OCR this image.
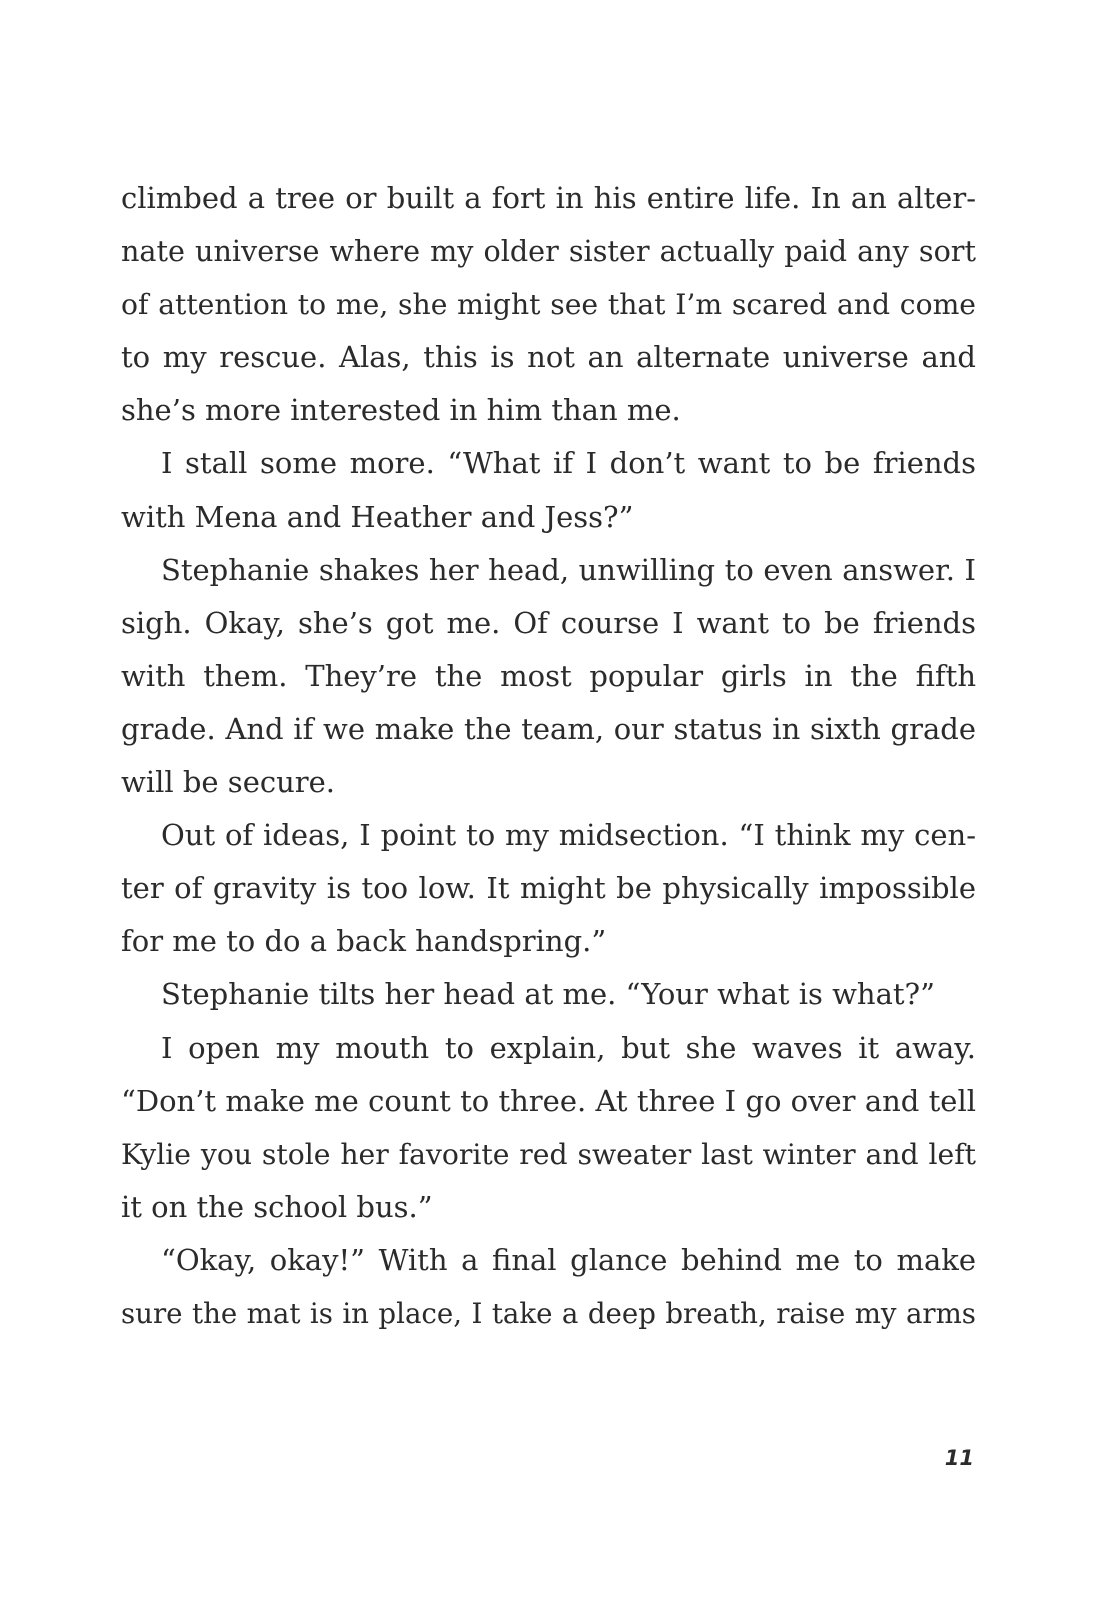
climbed a tree or built a fort in his entire life. In an alter-
nate universe where my older sister actually paid any sort
of attention to me, she might see that I’m scared and come
to my rescue. Alas, this is not an alternate universe and
she’s more interested in him than me.
I stall some more. “What if I don’t want to be friends
with Mena and Heather and Jess?”
Stephanie shakes her head, unwilling to even answer. I
sigh. Okay, she’s got me. Of course I want to be friends
with them. They’re the most popular girls in the fifth
grade. And if we make the team, our status in sixth grade
will be secure.
Out of ideas, I point to my midsection. “I think my cen-
ter of gravity is too low. It might be physically impossible
for me to do a back handspring.”
Stephanie tilts her head at me. “Your what is what?”
I open my mouth to explain, but she waves it away.
“Don’t make me count to three. At three I go over and tell
Kylie you stole her favorite red sweater last winter and left
it on the school bus.”
“Okay, okay!” With a final glance behind me to make
sure the mat is in place, I take a deep breath, raise my arms
11
